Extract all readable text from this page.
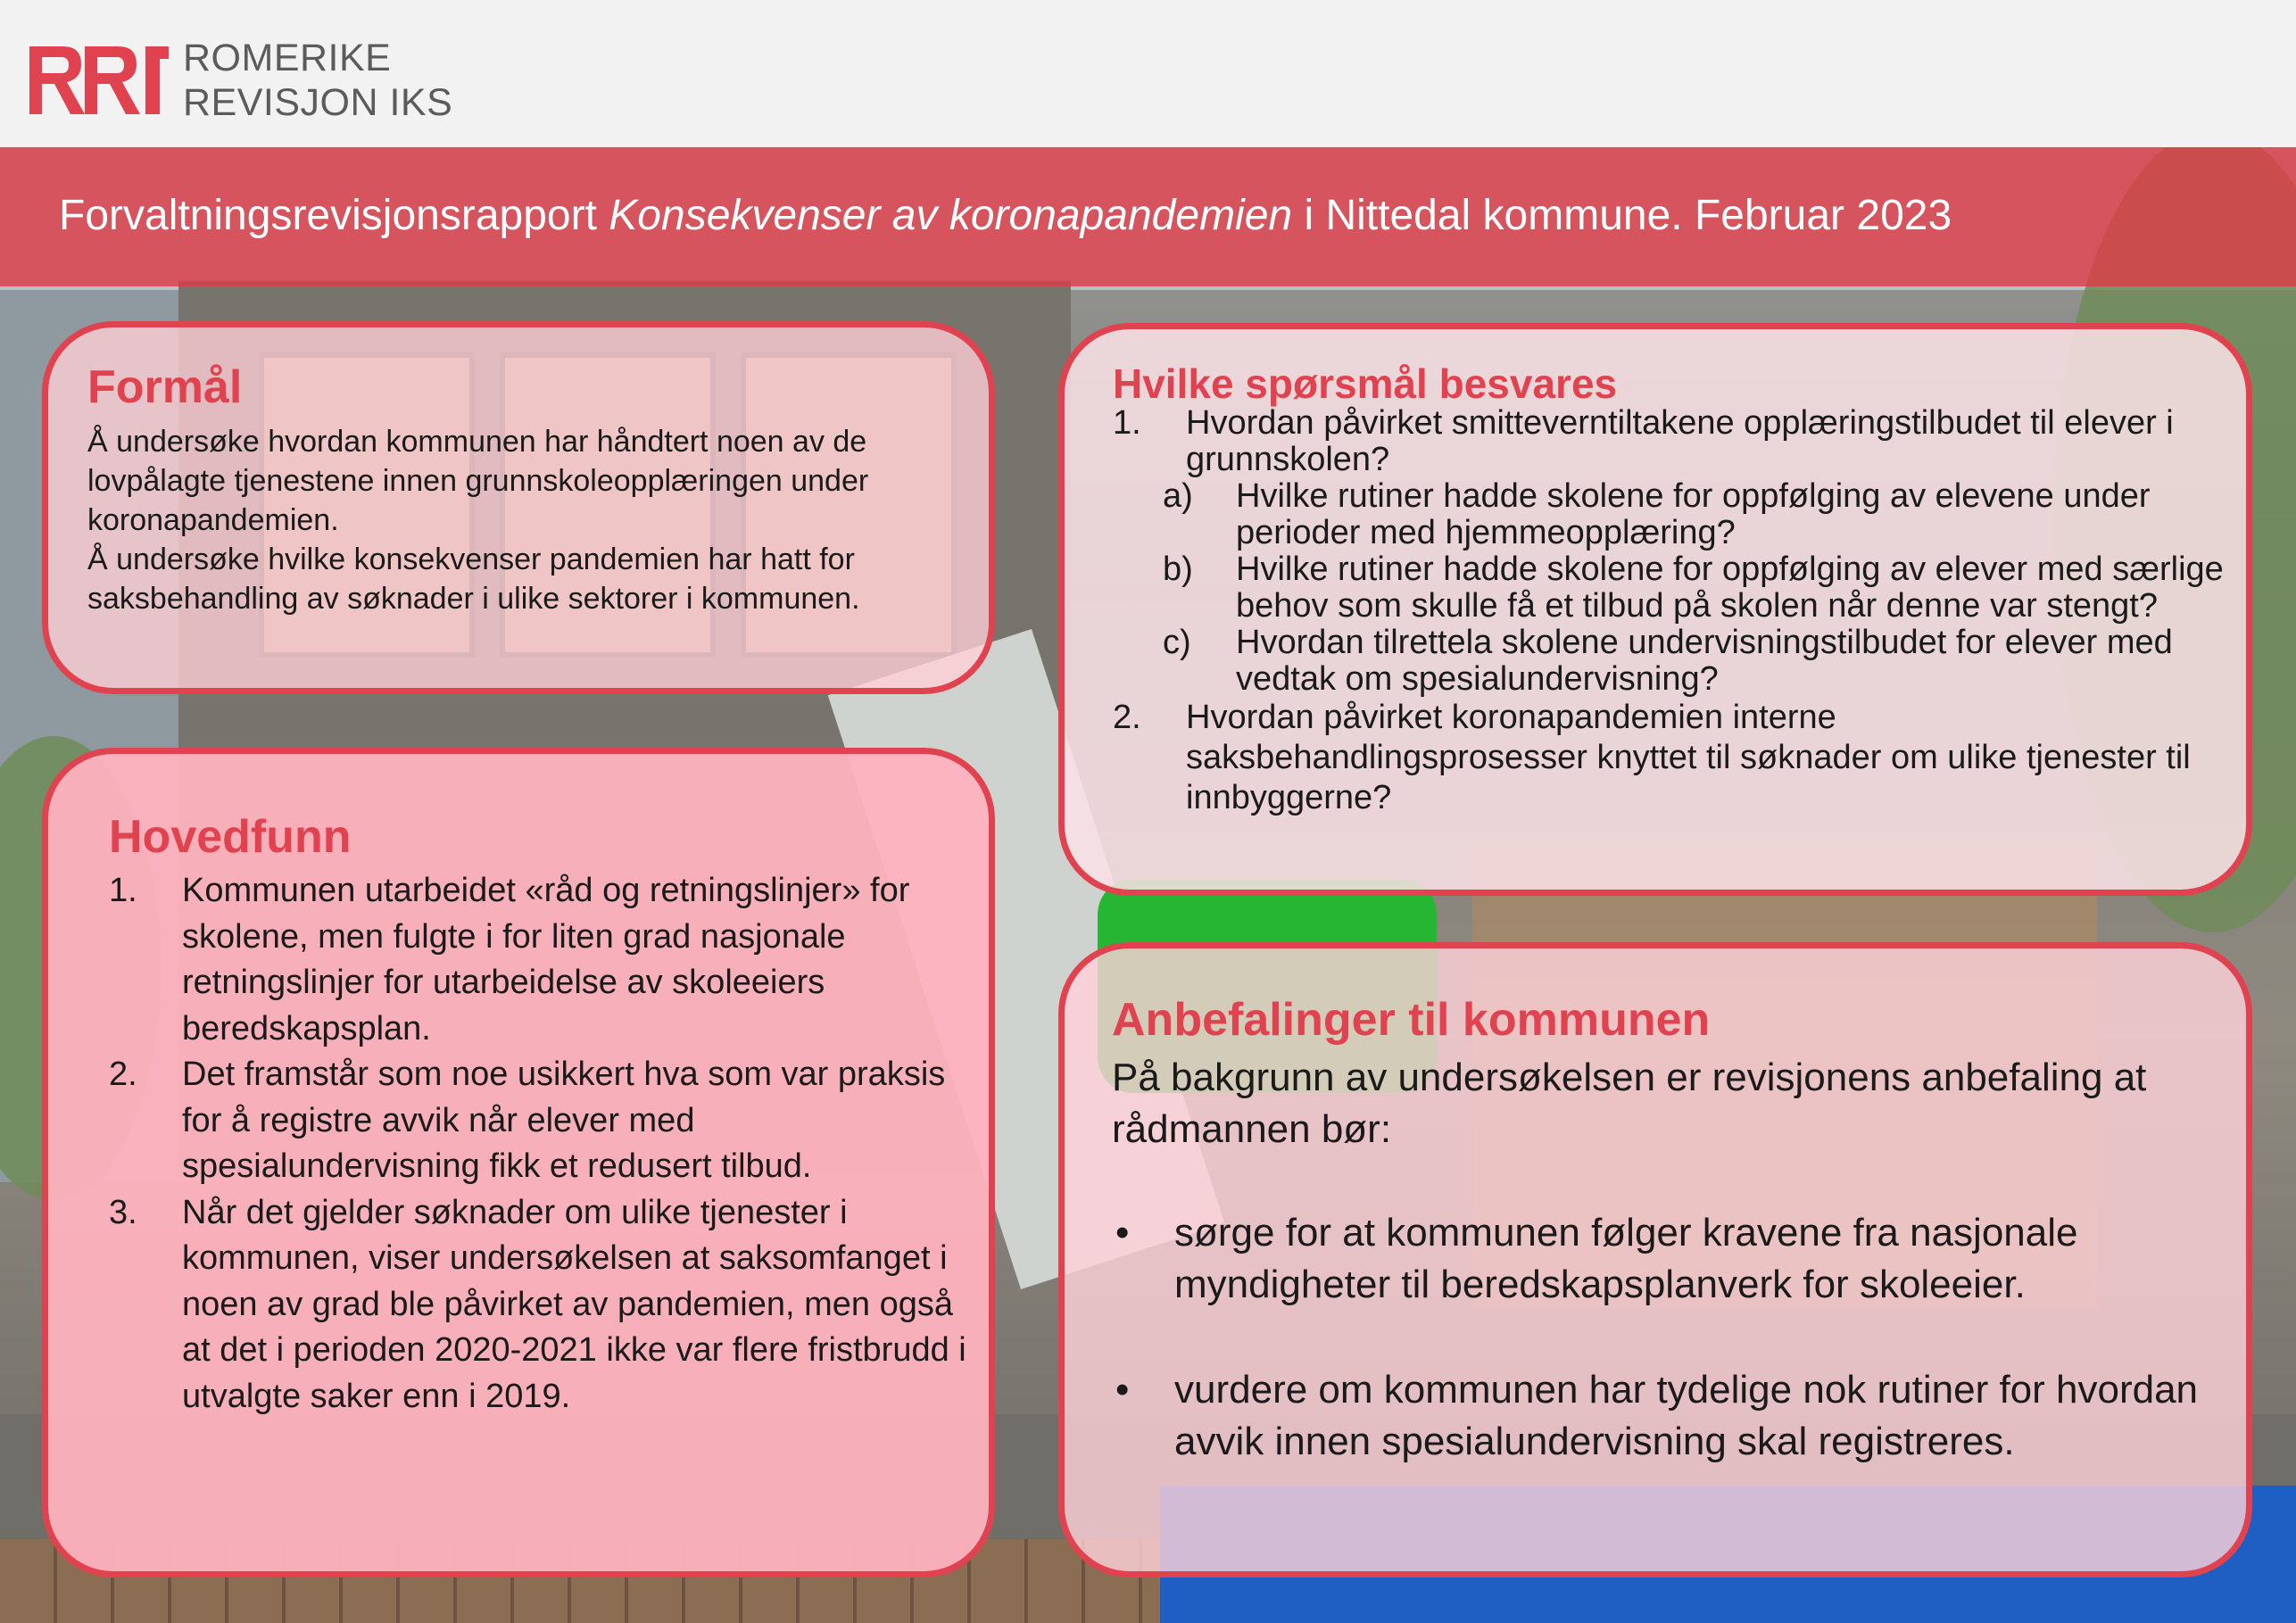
ROMERIKE
REVISJON IKS
Forvaltningsrevisjonsrapport Konsekvenser av koronapandemien i Nittedal kommune. Februar 2023
Formål

Å undersøke hvordan kommunen har håndtert noen av de lovpålagte tjenestene innen grunnskoleopplæringen under koronapandemien.

Å undersøke hvilke konsekvenser pandemien har hatt for saksbehandling av søknader i ulike sektorer i kommunen.

Hovedfunn
1. Kommunen utarbeidet «råd og retningslinjer» for skolene, men fulgte i for liten grad nasjonale retningslinjer for utarbeidelse av skoleeiers beredskapsplan.
2. Det framstår som noe usikkert hva som var praksis for å registre avvik når elever med spesialundervisning fikk et redusert tilbud.
3. Når det gjelder søknader om ulike tjenester i kommunen, viser undersøkelsen at saksomfanget i noen av grad ble påvirket av pandemien, men også at det i perioden 2020-2021 ikke var flere fristbrudd i utvalgte saker enn i 2019.
Hvilke spørsmål besvares
1. Hvordan påvirket smitteverntiltakene opplæringstilbudet til elever i grunnskolen?
a) Hvilke rutiner hadde skolene for oppfølging av elevene under perioder med hjemmeopplæring?
b) Hvilke rutiner hadde skolene for oppfølging av elever med særlige behov som skulle få et tilbud på skolen når denne var stengt?
c) Hvordan tilrettela skolene undervisningstilbudet for elever med vedtak om spesialundervisning?
2. Hvordan påvirket koronapandemien interne saksbehandlingsprosesser knyttet til søknader om ulike tjenester til innbyggerne?
Anbefalinger til kommunen
På bakgrunn av undersøkelsen er revisjonens anbefaling at rådmannen bør:
• sørge for at kommunen følger kravene fra nasjonale myndigheter til beredskapsplanverk for skoleeier.
• vurdere om kommunen har tydelige nok rutiner for hvordan avvik innen spesialundervisning skal registreres.
